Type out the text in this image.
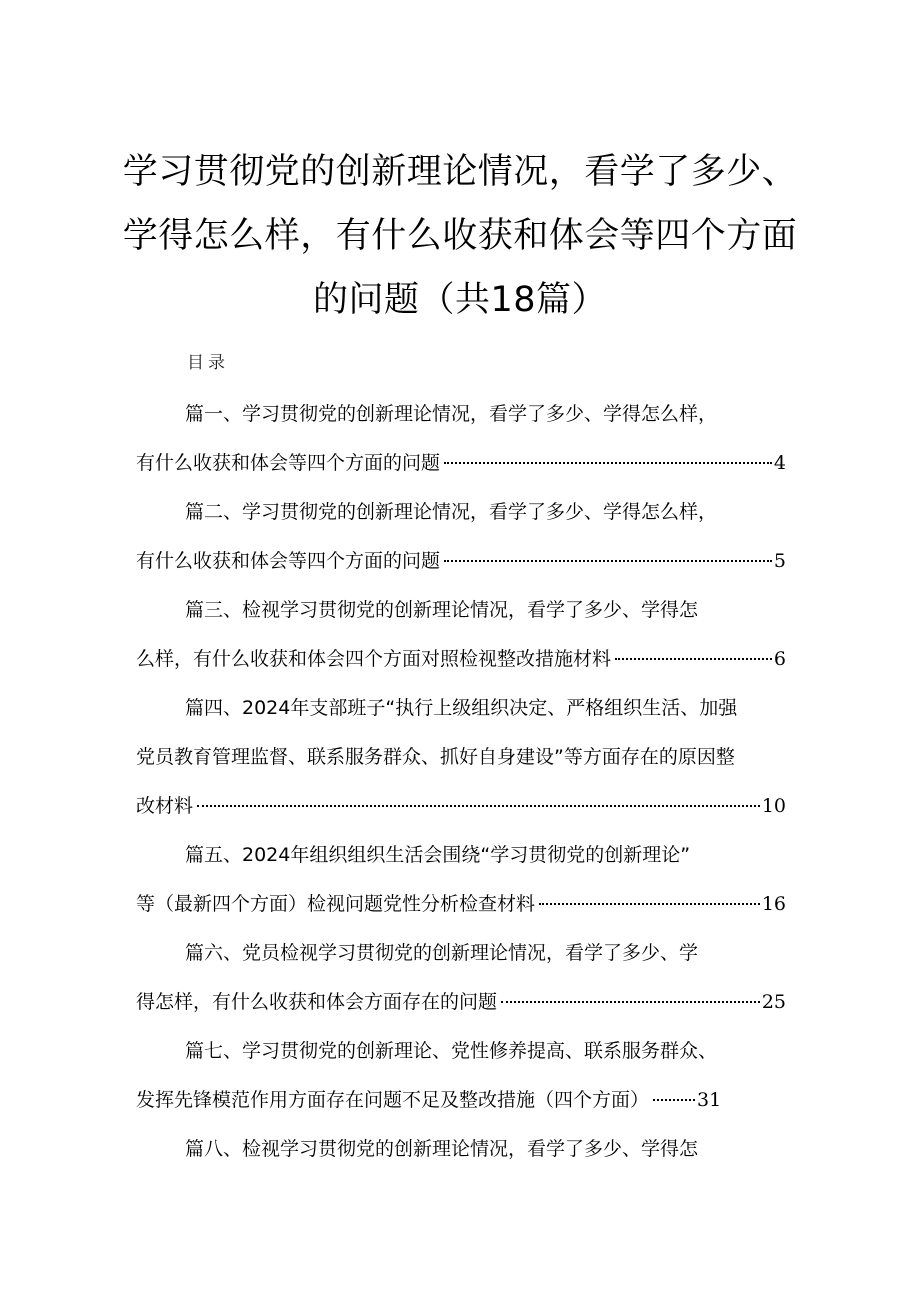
学习贯彻党的创新理论情况，看学了多少、
学得怎么样，有什么收获和体会等四个方面
的问题（共18篇）
目录
篇一、学习贯彻党的创新理论情况，看学了多少、学得怎么样，
有什么收获和体会等四个方面的问题	4
篇二、学习贯彻党的创新理论情况，看学了多少、学得怎么样，
有什么收获和体会等四个方面的问题	5
篇三、检视学习贯彻党的创新理论情况，看学了多少、学得怎
么样，有什么收获和体会四个方面对照检视整改措施材料	6
篇四、2024年支部班子“执行上级组织决定、严格组织生活、加强
党员教育管理监督、联系服务群众、抓好自身建设”等方面存在的原因整
改材料	10
篇五、2024年组织组织生活会围绕“学习贯彻党的创新理论”
等（最新四个方面）检视问题党性分析检查材料	16
篇六、党员检视学习贯彻党的创新理论情况，看学了多少、学
得怎样，有什么收获和体会方面存在的问题	25
篇七、学习贯彻党的创新理论、党性修养提高、联系服务群众、
发挥先锋模范作用方面存在问题不足及整改措施（四个方面）	31
篇八、检视学习贯彻党的创新理论情况，看学了多少、学得怎
